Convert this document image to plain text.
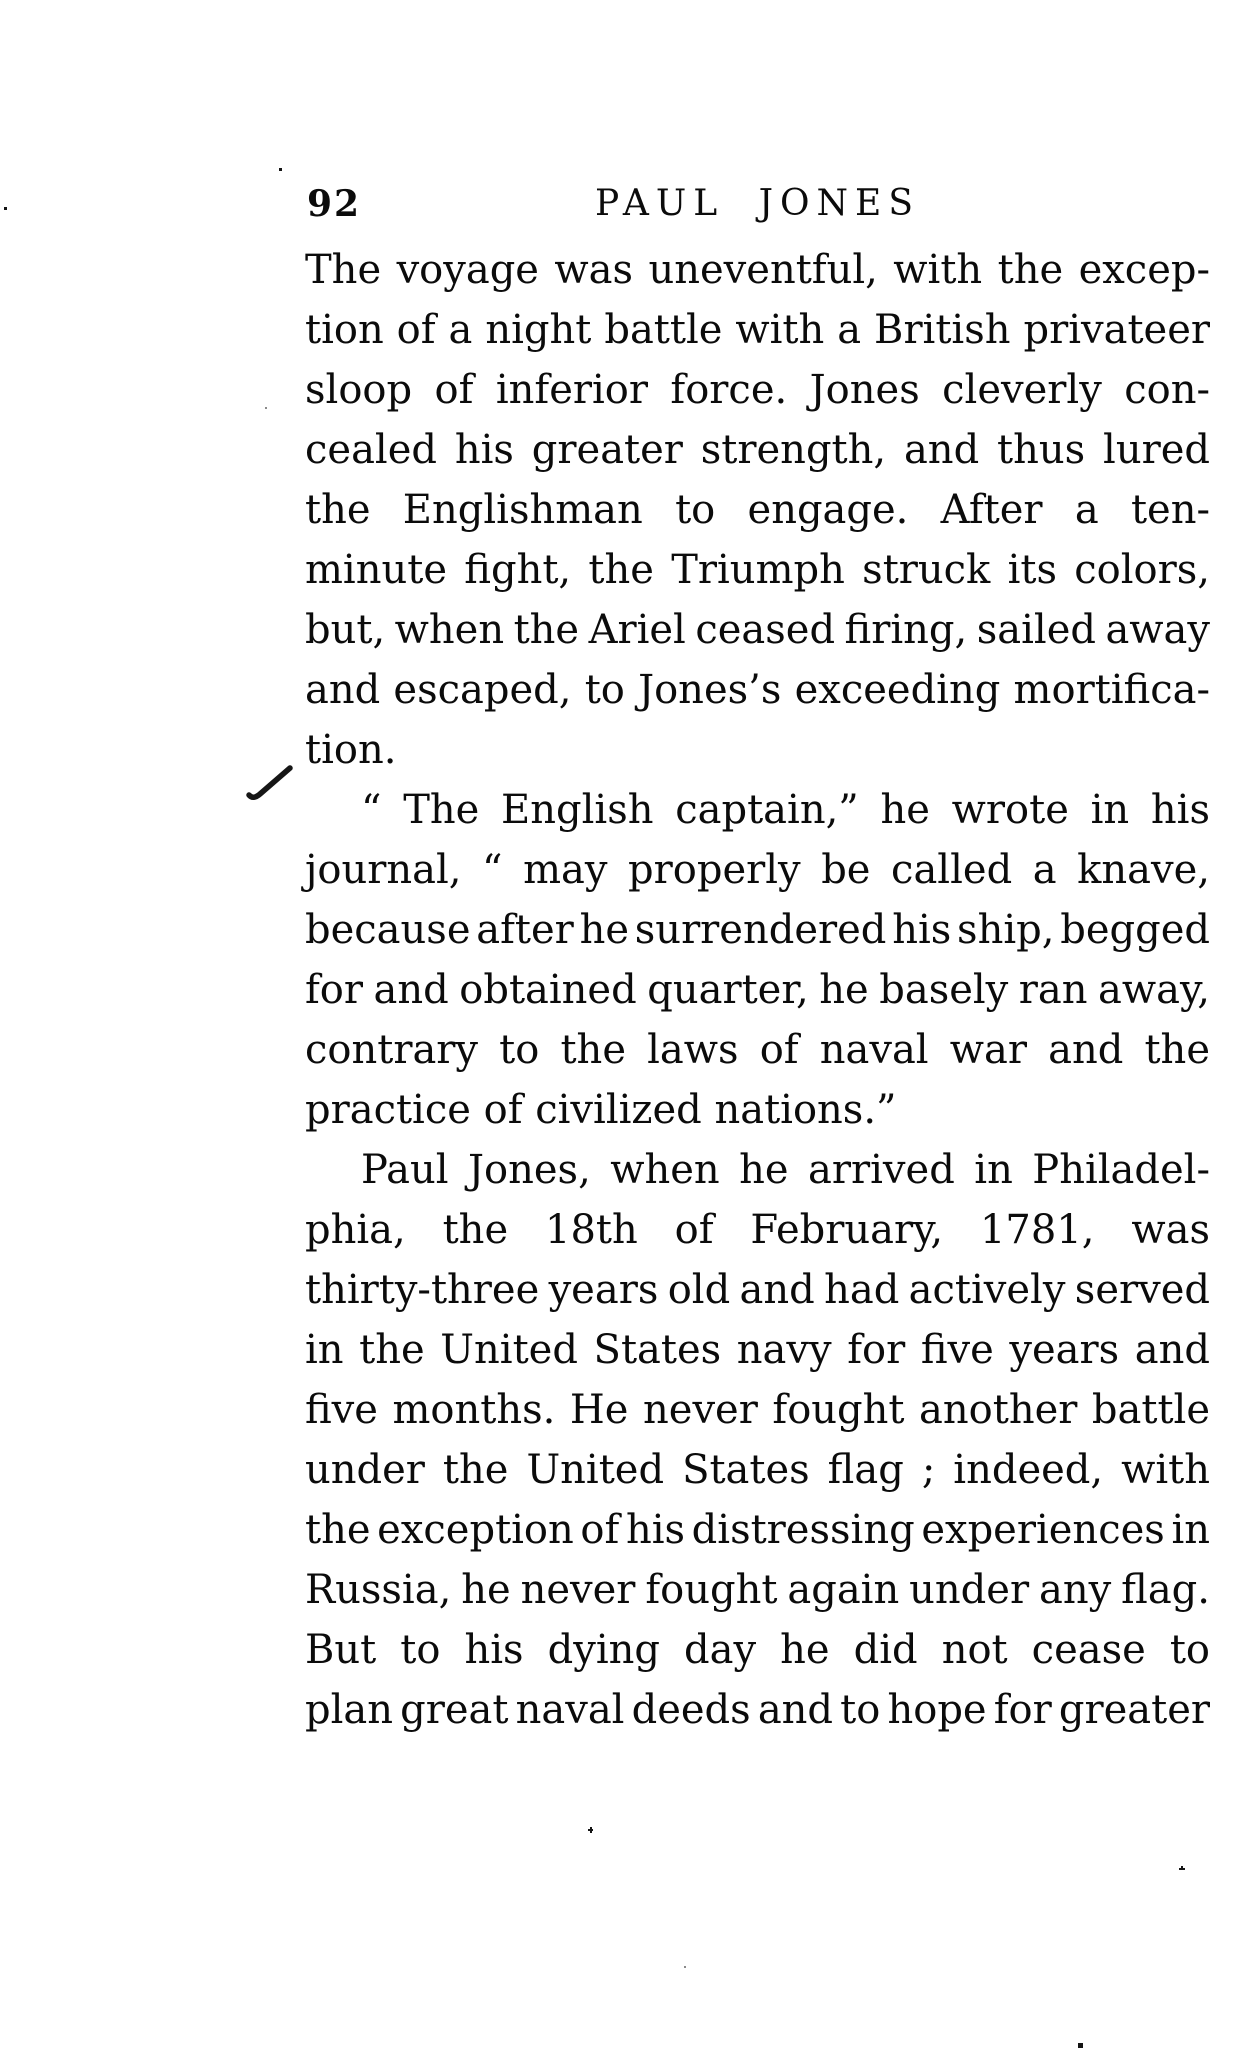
92	PAUL JONES
The voyage was uneventful, with the excep-
tion of a night battle with a British privateer
sloop of inferior force. Jones cleverly con-
cealed his greater strength, and thus lured
the Englishman to engage. After a ten-
minute fight, the Triumph struck its colors,
but, when the Ariel ceased firing, sailed away
and escaped, to Jones’s exceeding mortifica-
tion.
“ The English captain,” he wrote in his
journal, “ may properly be called a knave,
because after he surrendered his ship, begged
for and obtained quarter, he basely ran away,
contrary to the laws of naval war and the
practice of civilized nations.”
Paul Jones, when he arrived in Philadel-
phia, the 18th of February, 1781, was
thirty-three years old and had actively served
in the United States navy for five years and
five months. He never fought another battle
under the United States flag ; indeed, with
the exception of his distressing experiences in
Russia, he never fought again under any flag.
But to his dying day he did not cease to
plan great naval deeds and to hope for greater
